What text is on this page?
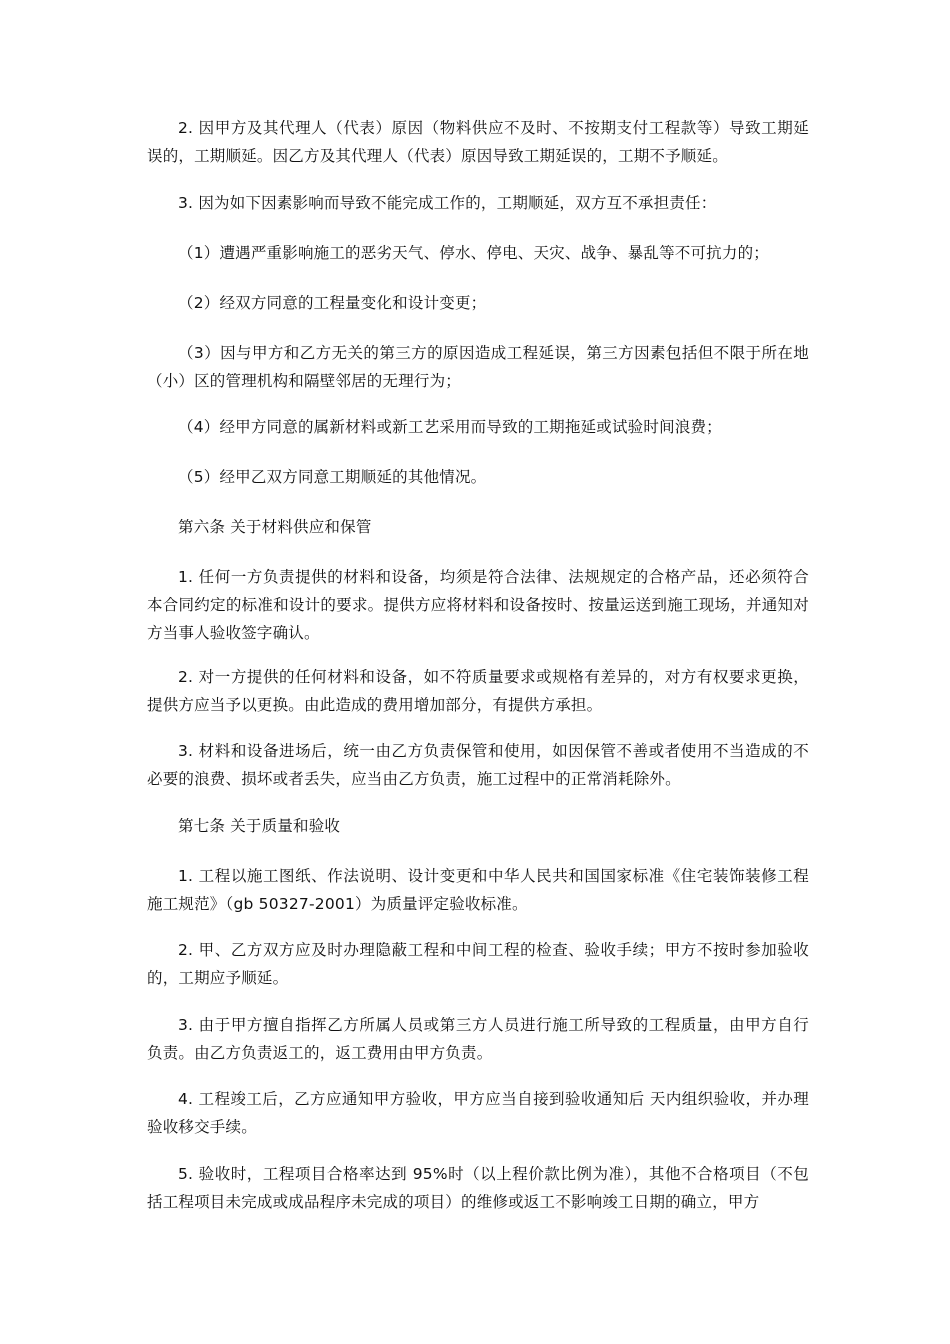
2. 因甲方及其代理人（代表）原因（物料供应不及时、不按期支付工程款等）导致工期延误的，工期顺延。因乙方及其代理人（代表）原因导致工期延误的，工期不予顺延。

3. 因为如下因素影响而导致不能完成工作的，工期顺延，双方互不承担责任：

（1）遭遇严重影响施工的恶劣天气、停水、停电、天灾、战争、暴乱等不可抗力的；

（2）经双方同意的工程量变化和设计变更；

（3）因与甲方和乙方无关的第三方的原因造成工程延误，第三方因素包括但不限于所在地（小）区的管理机构和隔壁邻居的无理行为；

（4）经甲方同意的属新材料或新工艺采用而导致的工期拖延或试验时间浪费；

（5）经甲乙双方同意工期顺延的其他情况。

第六条 关于材料供应和保管

1. 任何一方负责提供的材料和设备，均须是符合法律、法规规定的合格产品，还必须符合本合同约定的标准和设计的要求。提供方应将材料和设备按时、按量运送到施工现场，并通知对方当事人验收签字确认。

2. 对一方提供的任何材料和设备，如不符质量要求或规格有差异的，对方有权要求更换，提供方应当予以更换。由此造成的费用增加部分，有提供方承担。

3. 材料和设备进场后，统一由乙方负责保管和使用，如因保管不善或者使用不当造成的不必要的浪费、损坏或者丢失，应当由乙方负责，施工过程中的正常消耗除外。

第七条 关于质量和验收

1. 工程以施工图纸、作法说明、设计变更和中华人民共和国国家标准《住宅装饰装修工程施工规范》（gb 50327-2001）为质量评定验收标准。

2. 甲、乙方双方应及时办理隐蔽工程和中间工程的检查、验收手续；甲方不按时参加验收的，工期应予顺延。

3. 由于甲方擅自指挥乙方所属人员或第三方人员进行施工所导致的工程质量，由甲方自行负责。由乙方负责返工的，返工费用由甲方负责。

4. 工程竣工后，乙方应通知甲方验收，甲方应当自接到验收通知后 天内组织验收，并办理验收移交手续。

5. 验收时，工程项目合格率达到 95%时（以上程价款比例为准），其他不合格项目（不包括工程项目未完成或成品程序未完成的项目）的维修或返工不影响竣工日期的确立，甲方
